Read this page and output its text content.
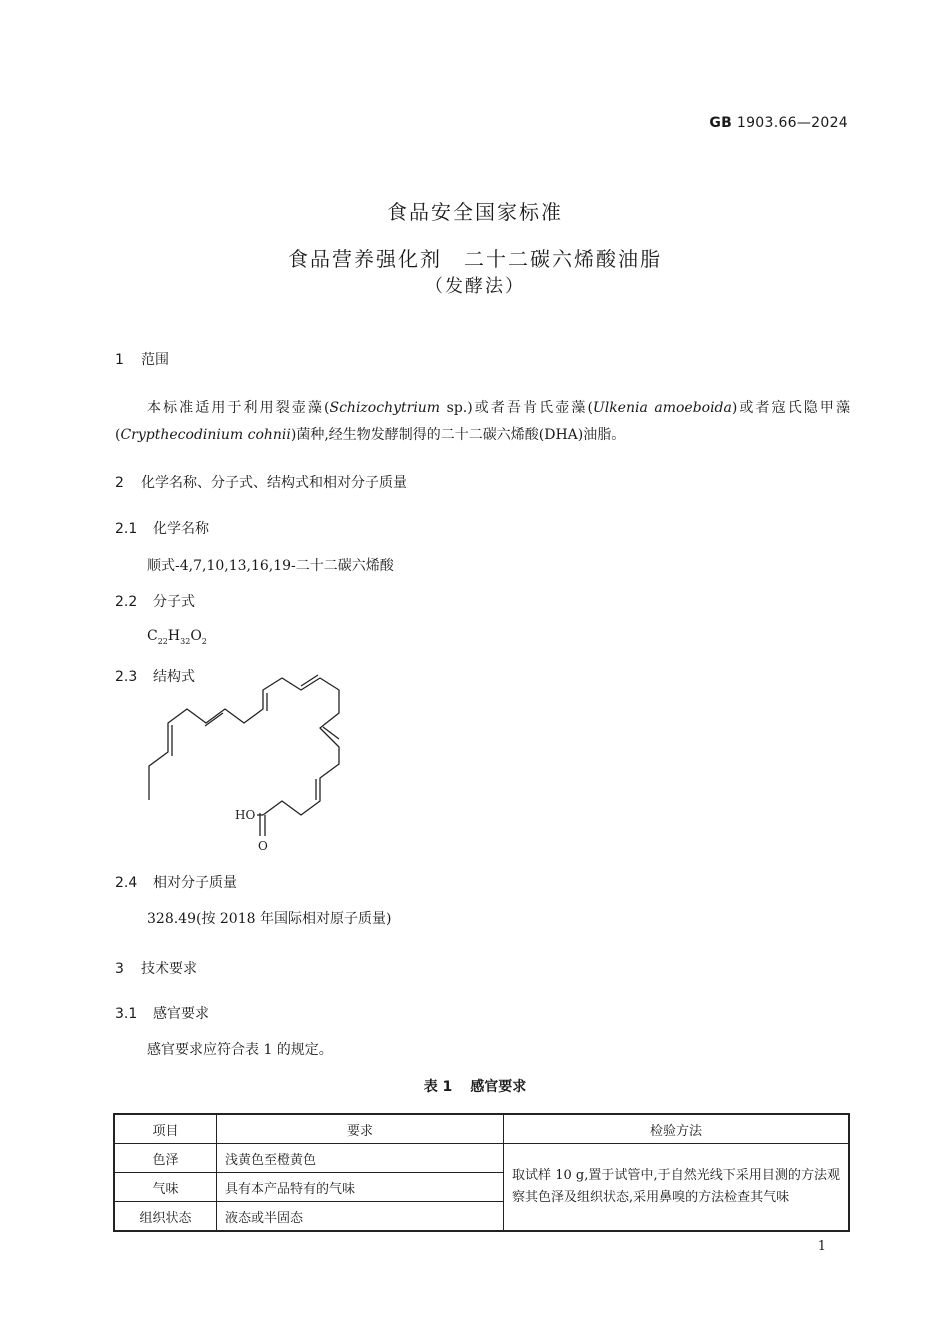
GB 1903.66—2024
食品安全国家标准
食品营养强化剂　二十二碳六烯酸油脂
（发酵法）
1 范围
本标准适用于利用裂壶藻(Schizochytrium sp.)或者吾肯氏壶藻(Ulkenia amoeboida)或者寇氏隐甲藻(Crypthecodinium cohnii)菌种,经生物发酵制得的二十二碳六烯酸(DHA)油脂。
2 化学名称、分子式、结构式和相对分子质量
2.1 化学名称
顺式-4,7,10,13,16,19-二十二碳六烯酸
2.2 分子式
$C_{22}H_{32}O_2$
2.3 结构式
HO
O
2.4 相对分子质量
328.49(按 2018 年国际相对原子质量)
3 技术要求
3.1 感官要求
感官要求应符合表 1 的规定。
表 1 感官要求
项目	要求	检验方法
色泽	浅黄色至橙黄色	取试样 10 g,置于试管中,于自然光线下采用目测的方法观察其色泽及组织状态,采用鼻嗅的方法检查其气味
气味	具有本产品特有的气味	
组织状态	液态或半固态	
1
